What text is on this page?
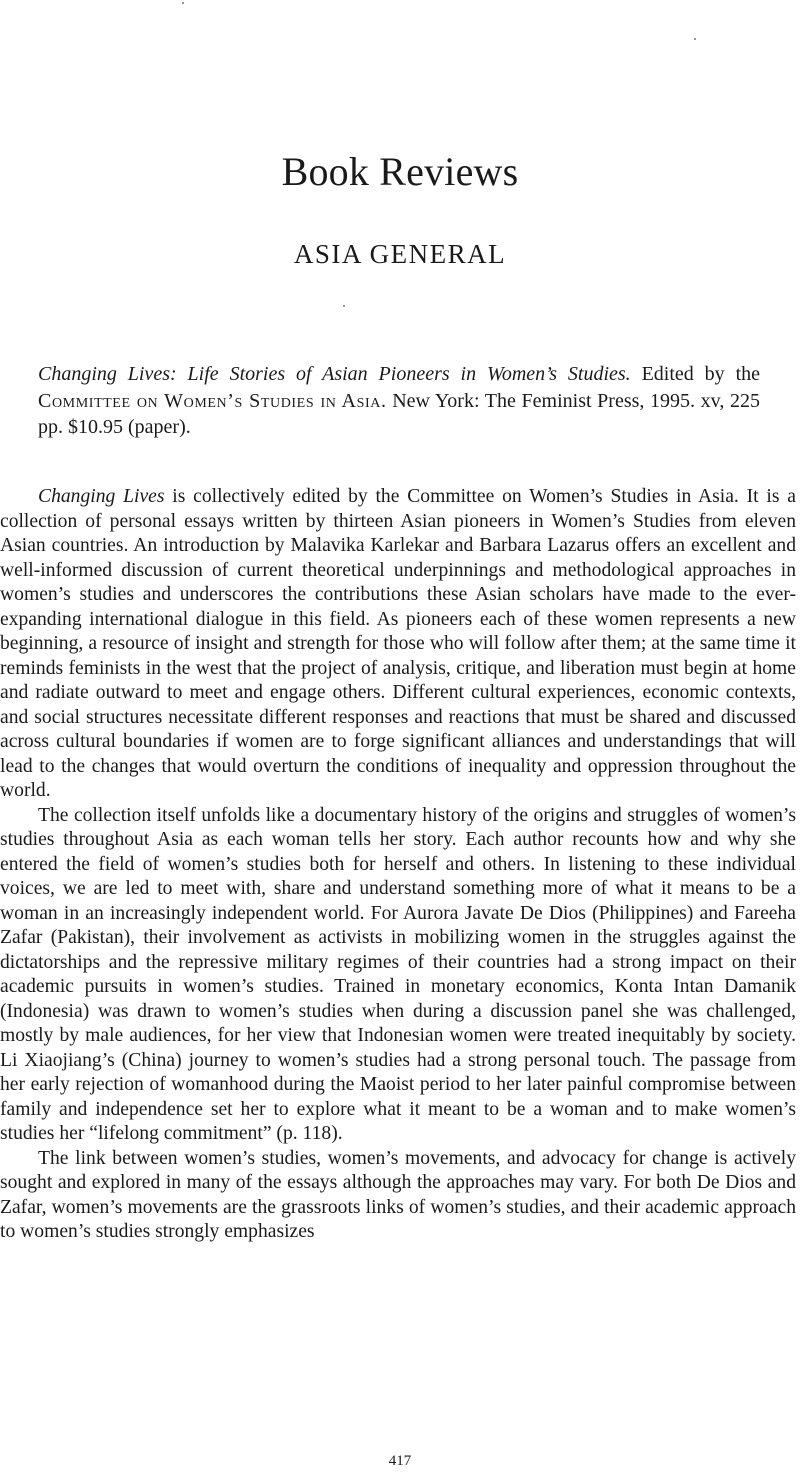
Book Reviews
ASIA GENERAL

Changing Lives: Life Stories of Asian Pioneers in Women’s Studies. Edited by the Committee on Women’s Studies in Asia. New York: The Feminist Press, 1995. xv, 225 pp. $10.95 (paper).

Changing Lives is collectively edited by the Committee on Women’s Studies in Asia. It is a collection of personal essays written by thirteen Asian pioneers in Women’s Studies from eleven Asian countries. An introduction by Malavika Karlekar and Barbara Lazarus offers an excellent and well-informed discussion of current theoretical underpinnings and methodological approaches in women’s studies and underscores the contributions these Asian scholars have made to the ever-expanding international dialogue in this field. As pioneers each of these women represents a new beginning, a resource of insight and strength for those who will follow after them; at the same time it reminds feminists in the west that the project of analysis, critique, and liberation must begin at home and radiate outward to meet and engage others. Different cultural experiences, economic contexts, and social structures necessitate different responses and reactions that must be shared and discussed across cultural boundaries if women are to forge significant alliances and understandings that will lead to the changes that would overturn the conditions of inequality and oppression throughout the world.

The collection itself unfolds like a documentary history of the origins and struggles of women’s studies throughout Asia as each woman tells her story. Each author recounts how and why she entered the field of women’s studies both for herself and others. In listening to these individual voices, we are led to meet with, share and understand something more of what it means to be a woman in an increasingly independent world. For Aurora Javate De Dios (Philippines) and Fareeha Zafar (Pakistan), their involvement as activists in mobilizing women in the struggles against the dictatorships and the repressive military regimes of their countries had a strong impact on their academic pursuits in women’s studies. Trained in monetary economics, Konta Intan Damanik (Indonesia) was drawn to women’s studies when during a discussion panel she was challenged, mostly by male audiences, for her view that Indonesian women were treated inequitably by society. Li Xiaojiang’s (China) journey to women’s studies had a strong personal touch. The passage from her early rejection of womanhood during the Maoist period to her later painful compromise between family and independence set her to explore what it meant to be a woman and to make women’s studies her “lifelong commitment” (p. 118).

The link between women’s studies, women’s movements, and advocacy for change is actively sought and explored in many of the essays although the approaches may vary. For both De Dios and Zafar, women’s movements are the grassroots links of women’s studies, and their academic approach to women’s studies strongly emphasizes

417
